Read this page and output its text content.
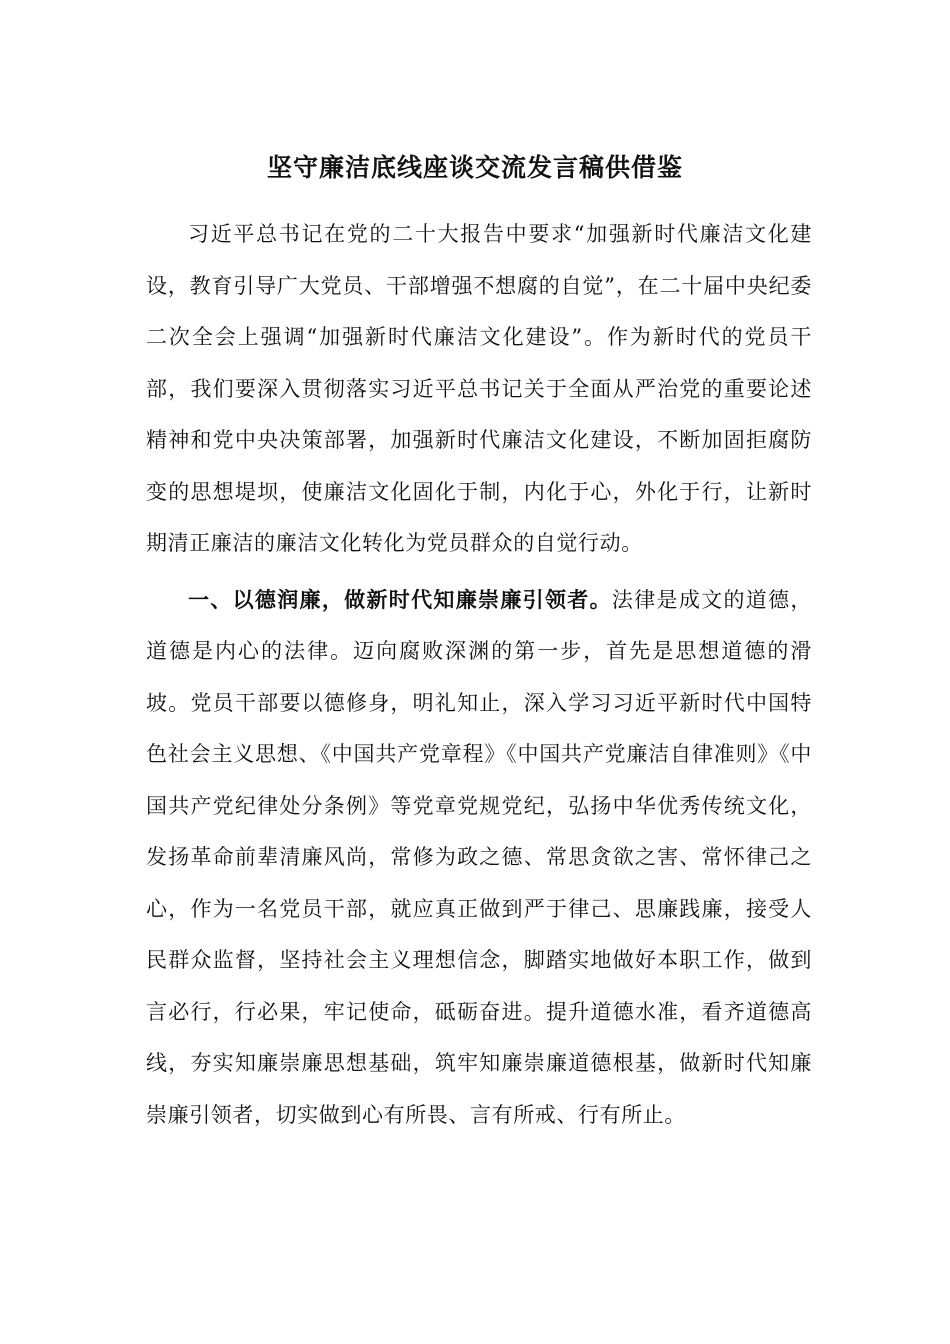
坚守廉洁底线座谈交流发言稿供借鉴

习近平总书记在党的二十大报告中要求“加强新时代廉洁文化建设，教育引导广大党员、干部增强不想腐的自觉”，在二十届中央纪委二次全会上强调“加强新时代廉洁文化建设”。作为新时代的党员干部，我们要深入贯彻落实习近平总书记关于全面从严治党的重要论述精神和党中央决策部署，加强新时代廉洁文化建设，不断加固拒腐防变的思想堤坝，使廉洁文化固化于制，内化于心，外化于行，让新时期清正廉洁的廉洁文化转化为党员群众的自觉行动。

一、以德润廉，做新时代知廉崇廉引领者。法律是成文的道德，道德是内心的法律。迈向腐败深渊的第一步，首先是思想道德的滑坡。党员干部要以德修身，明礼知止，深入学习习近平新时代中国特色社会主义思想、《中国共产党章程》《中国共产党廉洁自律准则》《中国共产党纪律处分条例》等党章党规党纪，弘扬中华优秀传统文化，发扬革命前辈清廉风尚，常修为政之德、常思贪欲之害、常怀律己之心，作为一名党员干部，就应真正做到严于律己、思廉践廉，接受人民群众监督，坚持社会主义理想信念，脚踏实地做好本职工作，做到言必行，行必果，牢记使命，砥砺奋进。提升道德水准，看齐道德高线，夯实知廉崇廉思想基础，筑牢知廉崇廉道德根基，做新时代知廉崇廉引领者，切实做到心有所畏、言有所戒、行有所止。
